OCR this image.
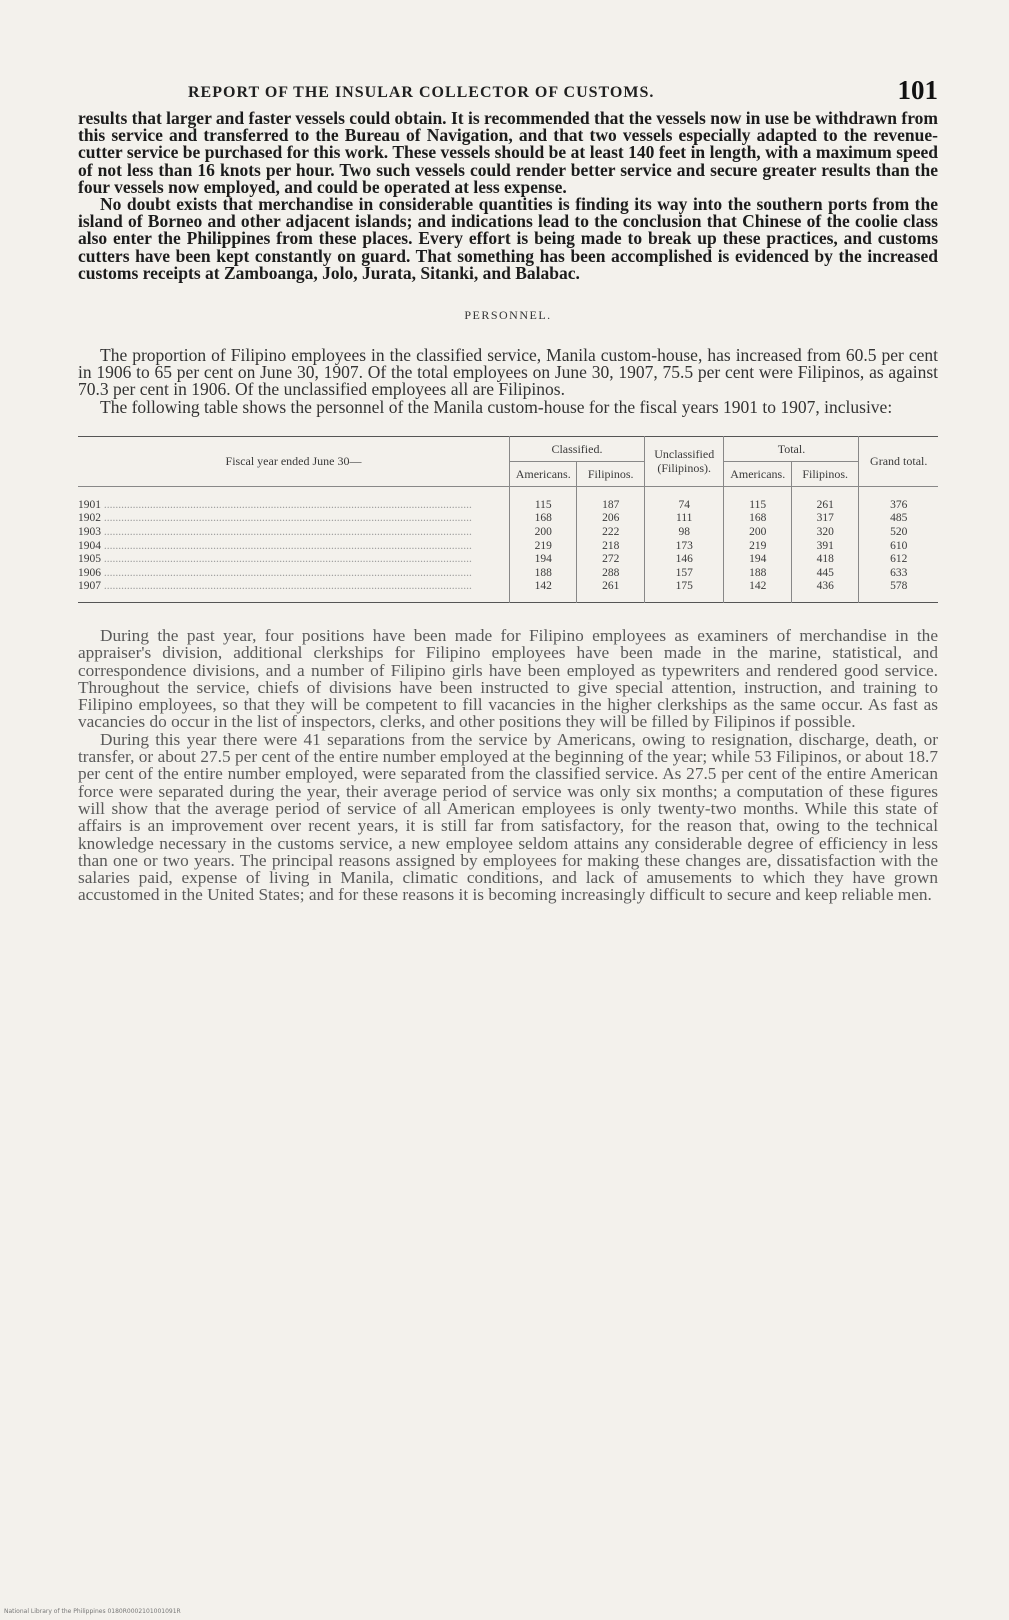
REPORT OF THE INSULAR COLLECTOR OF CUSTOMS.	101

results that larger and faster vessels could obtain. It is recommended that the vessels now in use be withdrawn from this service and transferred to the Bureau of Navigation, and that two vessels especially adapted to the revenue-cutter service be purchased for this work. These vessels should be at least 140 feet in length, with a maximum speed of not less than 16 knots per hour. Two such vessels could render better service and secure greater results than the four vessels now employed, and could be operated at less expense.

No doubt exists that merchandise in considerable quantities is finding its way into the southern ports from the island of Borneo and other adjacent islands; and indications lead to the conclusion that Chinese of the coolie class also enter the Philippines from these places. Every effort is being made to break up these practices, and customs cutters have been kept constantly on guard. That something has been accomplished is evidenced by the increased customs receipts at Zamboanga, Jolo, Jurata, Sitanki, and Balabac.

PERSONNEL.

The proportion of Filipino employees in the classified service, Manila custom-house, has increased from 60.5 per cent in 1906 to 65 per cent on June 30, 1907. Of the total employees on June 30, 1907, 75.5 per cent were Filipinos, as against 70.3 per cent in 1906. Of the unclassified employees all are Filipinos.

The following table shows the personnel of the Manila custom-house for the fiscal years 1901 to 1907, inclusive:

Fiscal year ended June 30—	Classified.		Unclassified (Filipinos).	Total.		Grand total.
	Americans.	Filipinos.		Americans.	Filipinos.	
1901 .....	115	187	74	115	261	376
1902 .....	168	206	111	168	317	485
1903 .....	200	222	98	200	320	520
1904 .....	219	218	173	219	391	610
1905 .....	194	272	146	194	418	612
1906 .....	188	288	157	188	445	633
1907 .....	142	261	175	142	436	578

During the past year, four positions have been made for Filipino employees as examiners of merchandise in the appraiser's division, additional clerkships for Filipino employees have been made in the marine, statistical, and correspondence divisions, and a number of Filipino girls have been employed as typewriters and rendered good service. Throughout the service, chiefs of divisions have been instructed to give special attention, instruction, and training to Filipino employees, so that they will be competent to fill vacancies in the higher clerkships as the same occur. As fast as vacancies do occur in the list of inspectors, clerks, and other positions they will be filled by Filipinos if possible.

During this year there were 41 separations from the service by Americans, owing to resignation, discharge, death, or transfer, or about 27.5 per cent of the entire number employed at the beginning of the year; while 53 Filipinos, or about 18.7 per cent of the entire number employed, were separated from the classified service. As 27.5 per cent of the entire American force were separated during the year, their average period of service was only six months; a computation of these figures will show that the average period of service of all American employees is only twenty-two months. While this state of affairs is an improvement over recent years, it is still far from satisfactory, for the reason that, owing to the technical knowledge necessary in the customs service, a new employee seldom attains any considerable degree of efficiency in less than one or two years. The principal reasons assigned by employees for making these changes are, dissatisfaction with the salaries paid, expense of living in Manila, climatic conditions, and lack of amusements to which they have grown accustomed in the United States; and for these reasons it is becoming increasingly difficult to secure and keep reliable men.

National Library of the Philippines 0180R0002101001091R
